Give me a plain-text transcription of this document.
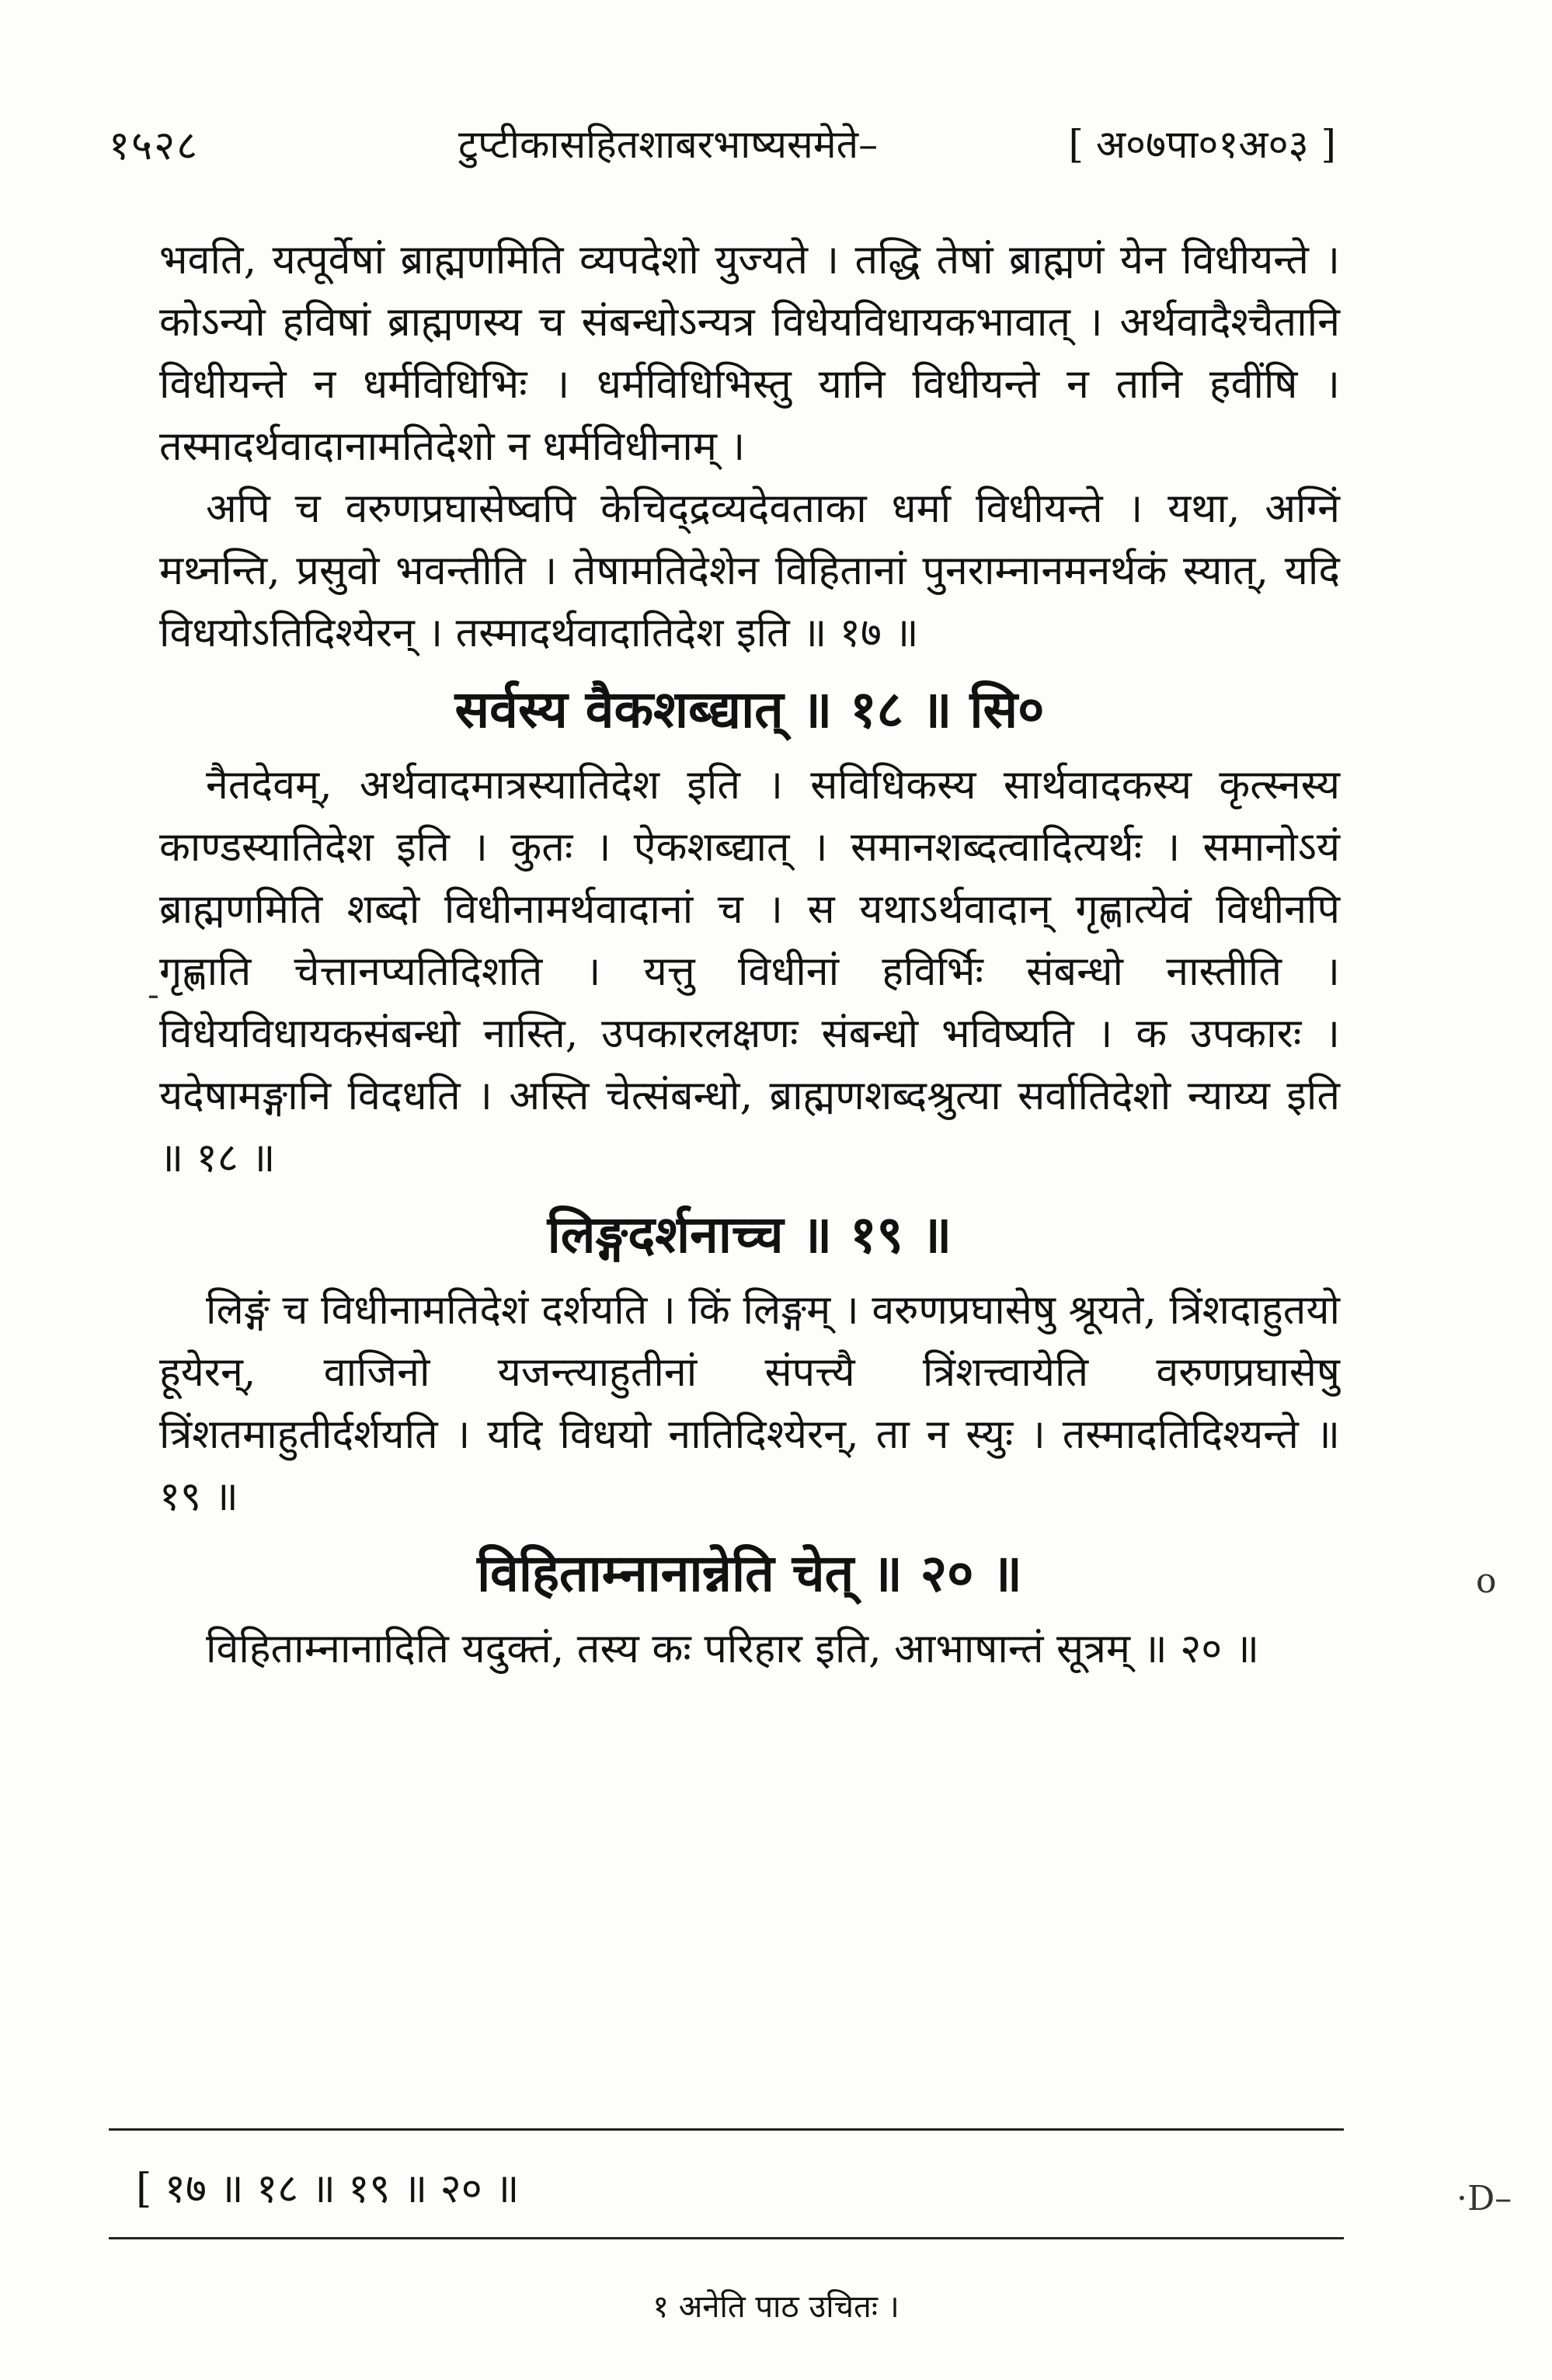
१५२८	टुप्टीकासहितशाबरभाष्यसमेते–	[ अ०७पा०१अ०३ ]

भवति, यत्पूर्वेषां ब्राह्मणमिति व्यपदेशो युज्यते । तद्धि तेषां ब्राह्मणं येन विधीयन्ते । कोऽन्यो हविषां ब्राह्मणस्य च संबन्धोऽन्यत्र विधेयविधायकभावात् । अर्थवादैश्चैतानि विधीयन्ते न धर्मविधिभिः । धर्मविधिभिस्तु यानि विधीयन्ते न तानि हवींषि । तस्मादर्थवादानामतिदेशो न धर्मविधीनाम् ।

अपि च वरुणप्रघासेष्वपि केचिद्द्रव्यदेवताका धर्मा विधीयन्ते । यथा, अग्निं मथ्नन्ति, प्रसुवो भवन्तीति । तेषामतिदेशेन विहितानां पुनराम्नानमनर्थकं स्यात्, यदि विधयोऽतिदिश्येरन् । तस्मादर्थवादातिदेश इति ॥ १७ ॥

सर्वस्य वैकशब्द्यात् ॥ १८ ॥ सि०

नैतदेवम्, अर्थवादमात्रस्यातिदेश इति । सविधिकस्य सार्थवादकस्य कृत्स्नस्य काण्डस्यातिदेश इति । कुतः । ऐकशब्द्यात् । समानशब्दत्वादित्यर्थः । समानोऽयं ब्राह्मणमिति शब्दो विधीनामर्थवादानां च । स यथाऽर्थवादान् गृह्णात्येवं विधीनपि गृह्णाति चेत्तानप्यतिदिशति । यत्तु विधीनां हविर्भिः संबन्धो नास्तीति । विधेयविधायकसंबन्धो नास्ति, उपकारलक्षणः संबन्धो भविष्यति । क उपकारः । यदेषामङ्गानि विदधति । अस्ति चेत्संबन्धो, ब्राह्मणशब्दश्रुत्या सर्वातिदेशो न्याय्य इति ॥ १८ ॥

लिङ्गदर्शनाच्च ॥ १९ ॥

लिङ्गं च विधीनामतिदेशं दर्शयति । किं लिङ्गम् । वरुणप्रघासेषु श्रूयते, त्रिंशदाहुतयो हूयेरन्, वाजिनो यजन्त्याहुतीनां संपत्त्यै त्रिंशत्त्वायेति वरुणप्रघासेषु त्रिंशतमाहुतीर्दर्शयति । यदि विधयो नातिदिश्येरन्, ता न स्युः । तस्मादतिदिश्यन्ते ॥ १९ ॥

विहिताम्नानान्नेति चेत् ॥ २० ॥

विहिताम्नानादिति यदुक्तं, तस्य कः परिहार इति, आभाषान्तं सूत्रम् ॥ २० ॥

[ १७ ॥ १८ ॥ १९ ॥ २० ॥
१ अनेति पाठ उचितः ।
-
o
·D–
